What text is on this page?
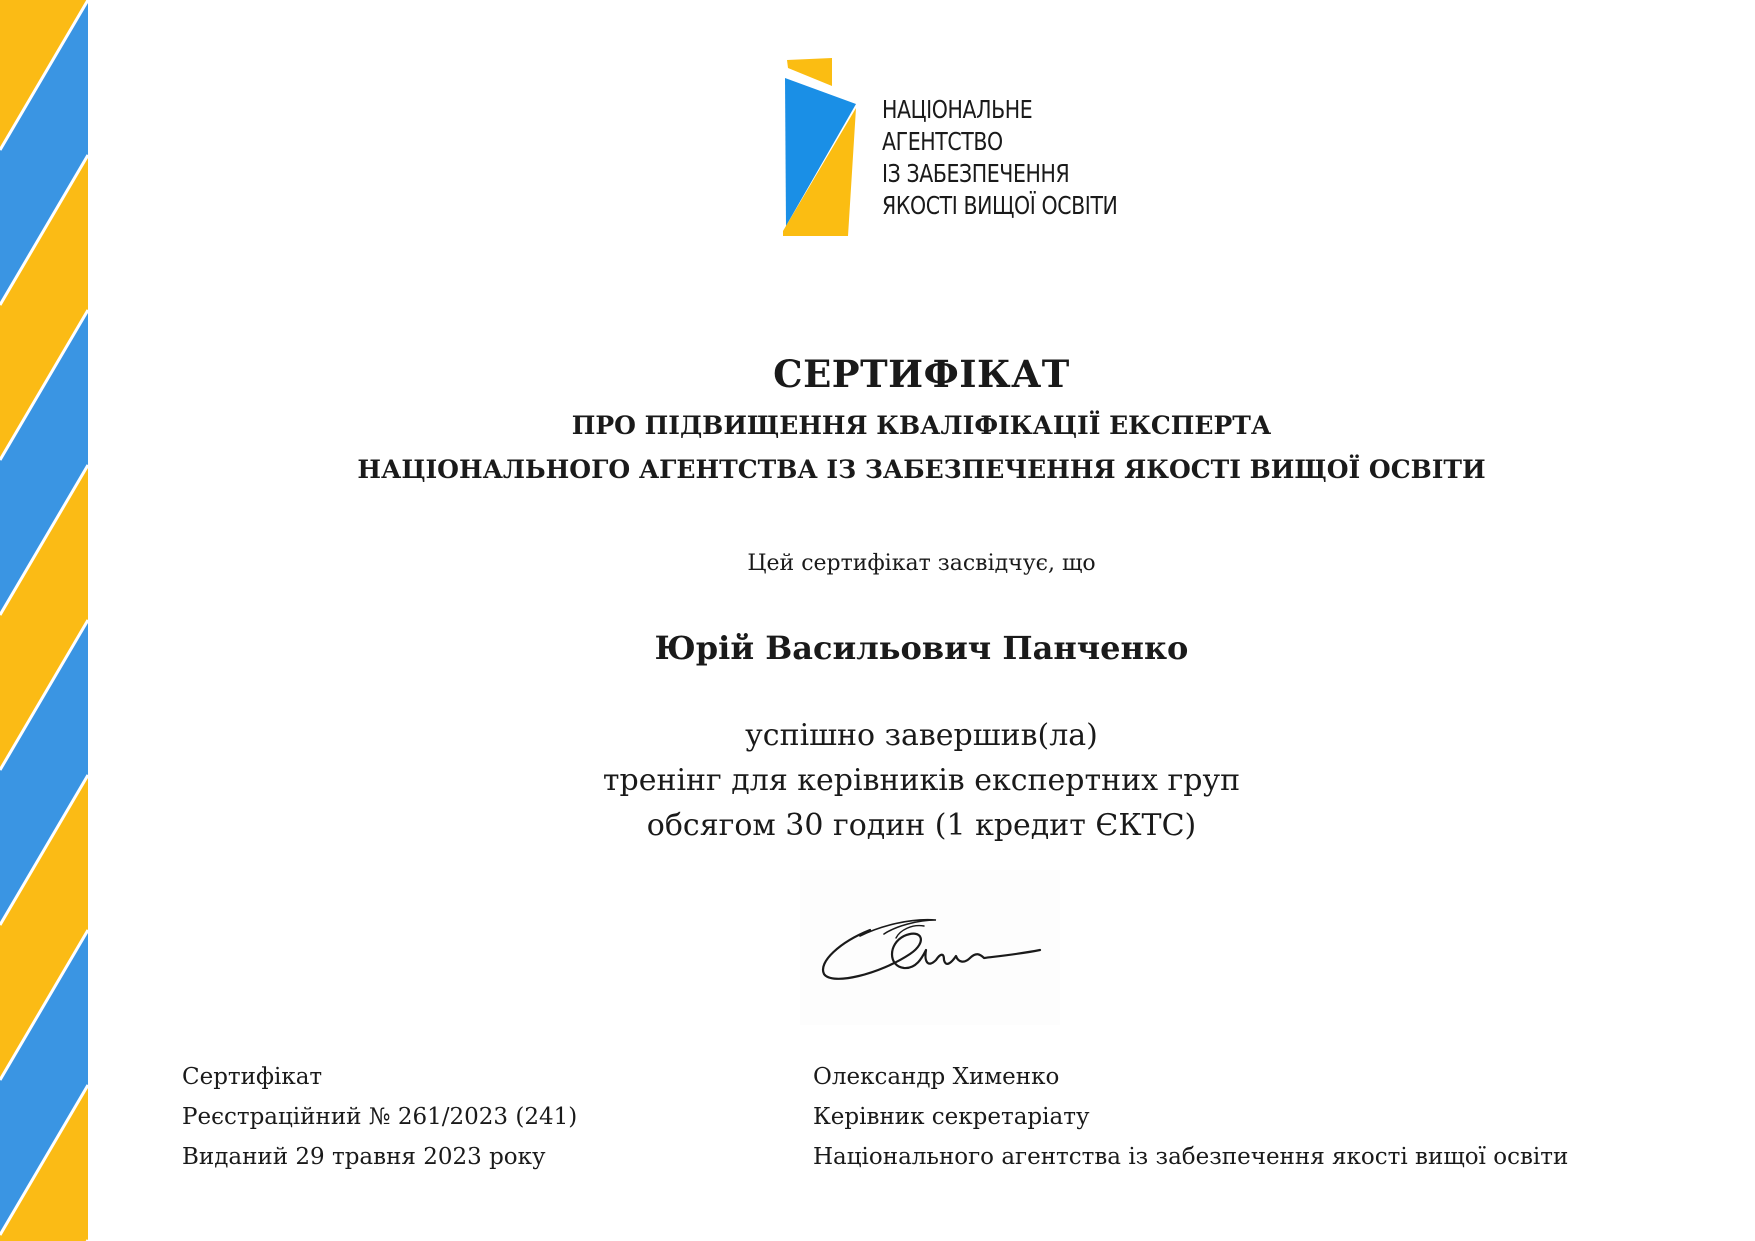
НАЦІОНАЛЬНЕ
АГЕНТСТВО
ІЗ ЗАБЕЗПЕЧЕННЯ
ЯКОСТІ ВИЩОЇ ОСВІТИ
СЕРТИФІКАТ
ПРО ПІДВИЩЕННЯ КВАЛІФІКАЦІЇ ЕКСПЕРТА
НАЦІОНАЛЬНОГО АГЕНТСТВА ІЗ ЗАБЕЗПЕЧЕННЯ ЯКОСТІ ВИЩОЇ ОСВІТИ
Цей сертифікат засвідчує, що
Юрій Васильович Панченко
успішно завершив(ла)
тренінг для керівників експертних груп
обсягом 30 годин (1 кредит ЄКТС)
Сертифікат
Реєстраційний № 261/2023 (241)
Виданий 29 травня 2023 року
Олександр Хименко
Керівник секретаріату
Національного агентства із забезпечення якості вищої освіти
